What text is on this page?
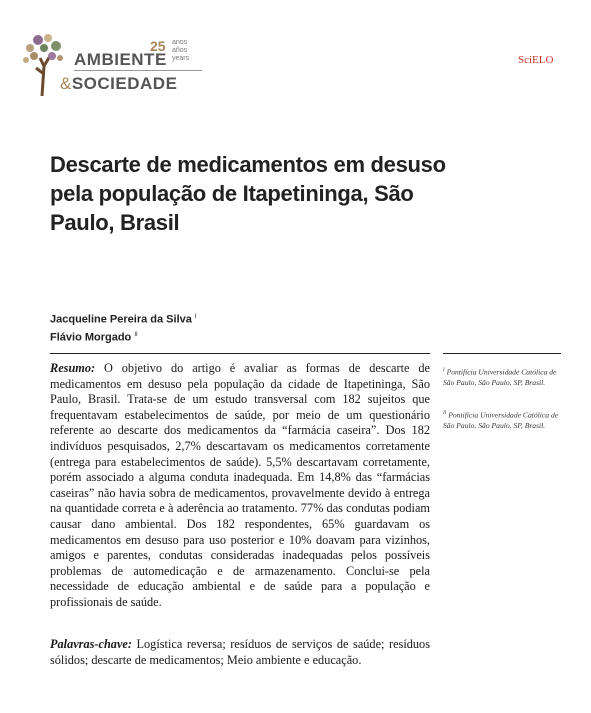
25 anos
años
years
AMBIENTE
&SOCIEDADE
SciELO
Descarte de medicamentos em desuso pela população de Itapetininga, São Paulo, Brasil
Jacqueline Pereira da Silva $^I$
Flávio Morgado $^{II}$

Resumo: O objetivo do artigo é avaliar as formas de descarte de medicamentos em desuso pela população da cidade de Itapetininga, São Paulo, Brasil. Trata-se de um estudo transversal com 182 sujeitos que frequentavam estabelecimentos de saúde, por meio de um questionário referente ao descarte dos medicamentos da “farmácia caseira”. Dos 182 indivíduos pesquisados, 2,7% descartavam os medicamentos corretamente (entrega para estabelecimentos de saúde). 5,5% descartavam corretamente, porém associado a alguma conduta inadequada. Em 14,8% das “farmácias caseiras” não havia sobra de medicamentos, provavelmente devido à entrega na quantidade correta e à aderência ao tratamento. 77% das condutas podiam causar dano ambiental. Dos 182 respondentes, 65% guardavam os medicamentos em desuso para uso posterior e 10% doavam para vizinhos, amigos e parentes, condutas consideradas inadequadas pelos possíveis problemas de automedicação e de armazenamento. Conclui-se pela necessidade de educação ambiental e de saúde para a população e profissionais de saúde.

Palavras-chave: Logística reversa; resíduos de serviços de saúde; resíduos sólidos; descarte de medicamentos; Meio ambiente e educação.

$^I$ Pontifícia Universidade Católica de São Paulo, São Paulo, SP, Brasil.

$^{II}$ Pontifícia Universidade Católica de São Paulo, São Paulo, SP, Brasil.
